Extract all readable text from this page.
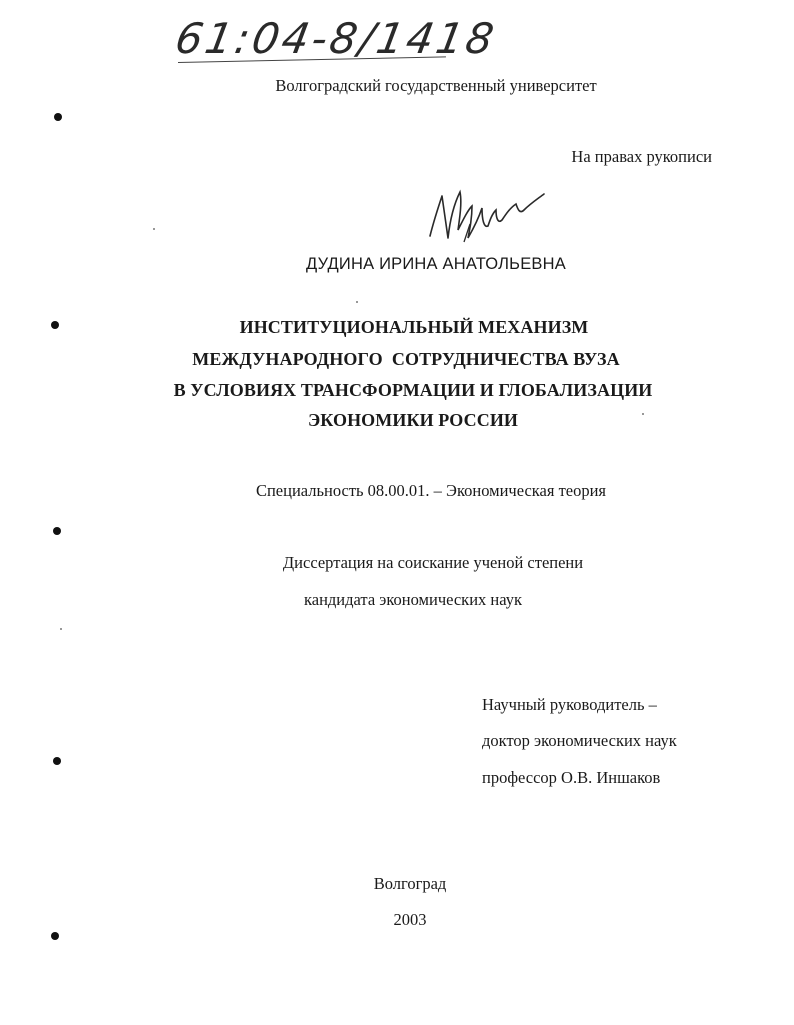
61:04-8/1418
Волгоградский государственный университет
На правах рукописи
ДУДИНА ИРИНА АНАТОЛЬЕВНА
ИНСТИТУЦИОНАЛЬНЫЙ МЕХАНИЗМ
МЕЖДУНАРОДНОГО  СОТРУДНИЧЕСТВА ВУЗА
В УСЛОВИЯХ ТРАНСФОРМАЦИИ И ГЛОБАЛИЗАЦИИ
ЭКОНОМИКИ РОССИИ
Специальность 08.00.01. – Экономическая теория
Диссертация на соискание ученой степени
кандидата экономических наук
Научный руководитель –
доктор экономических наук
профессор О.В. Иншаков
Волгоград
2003
